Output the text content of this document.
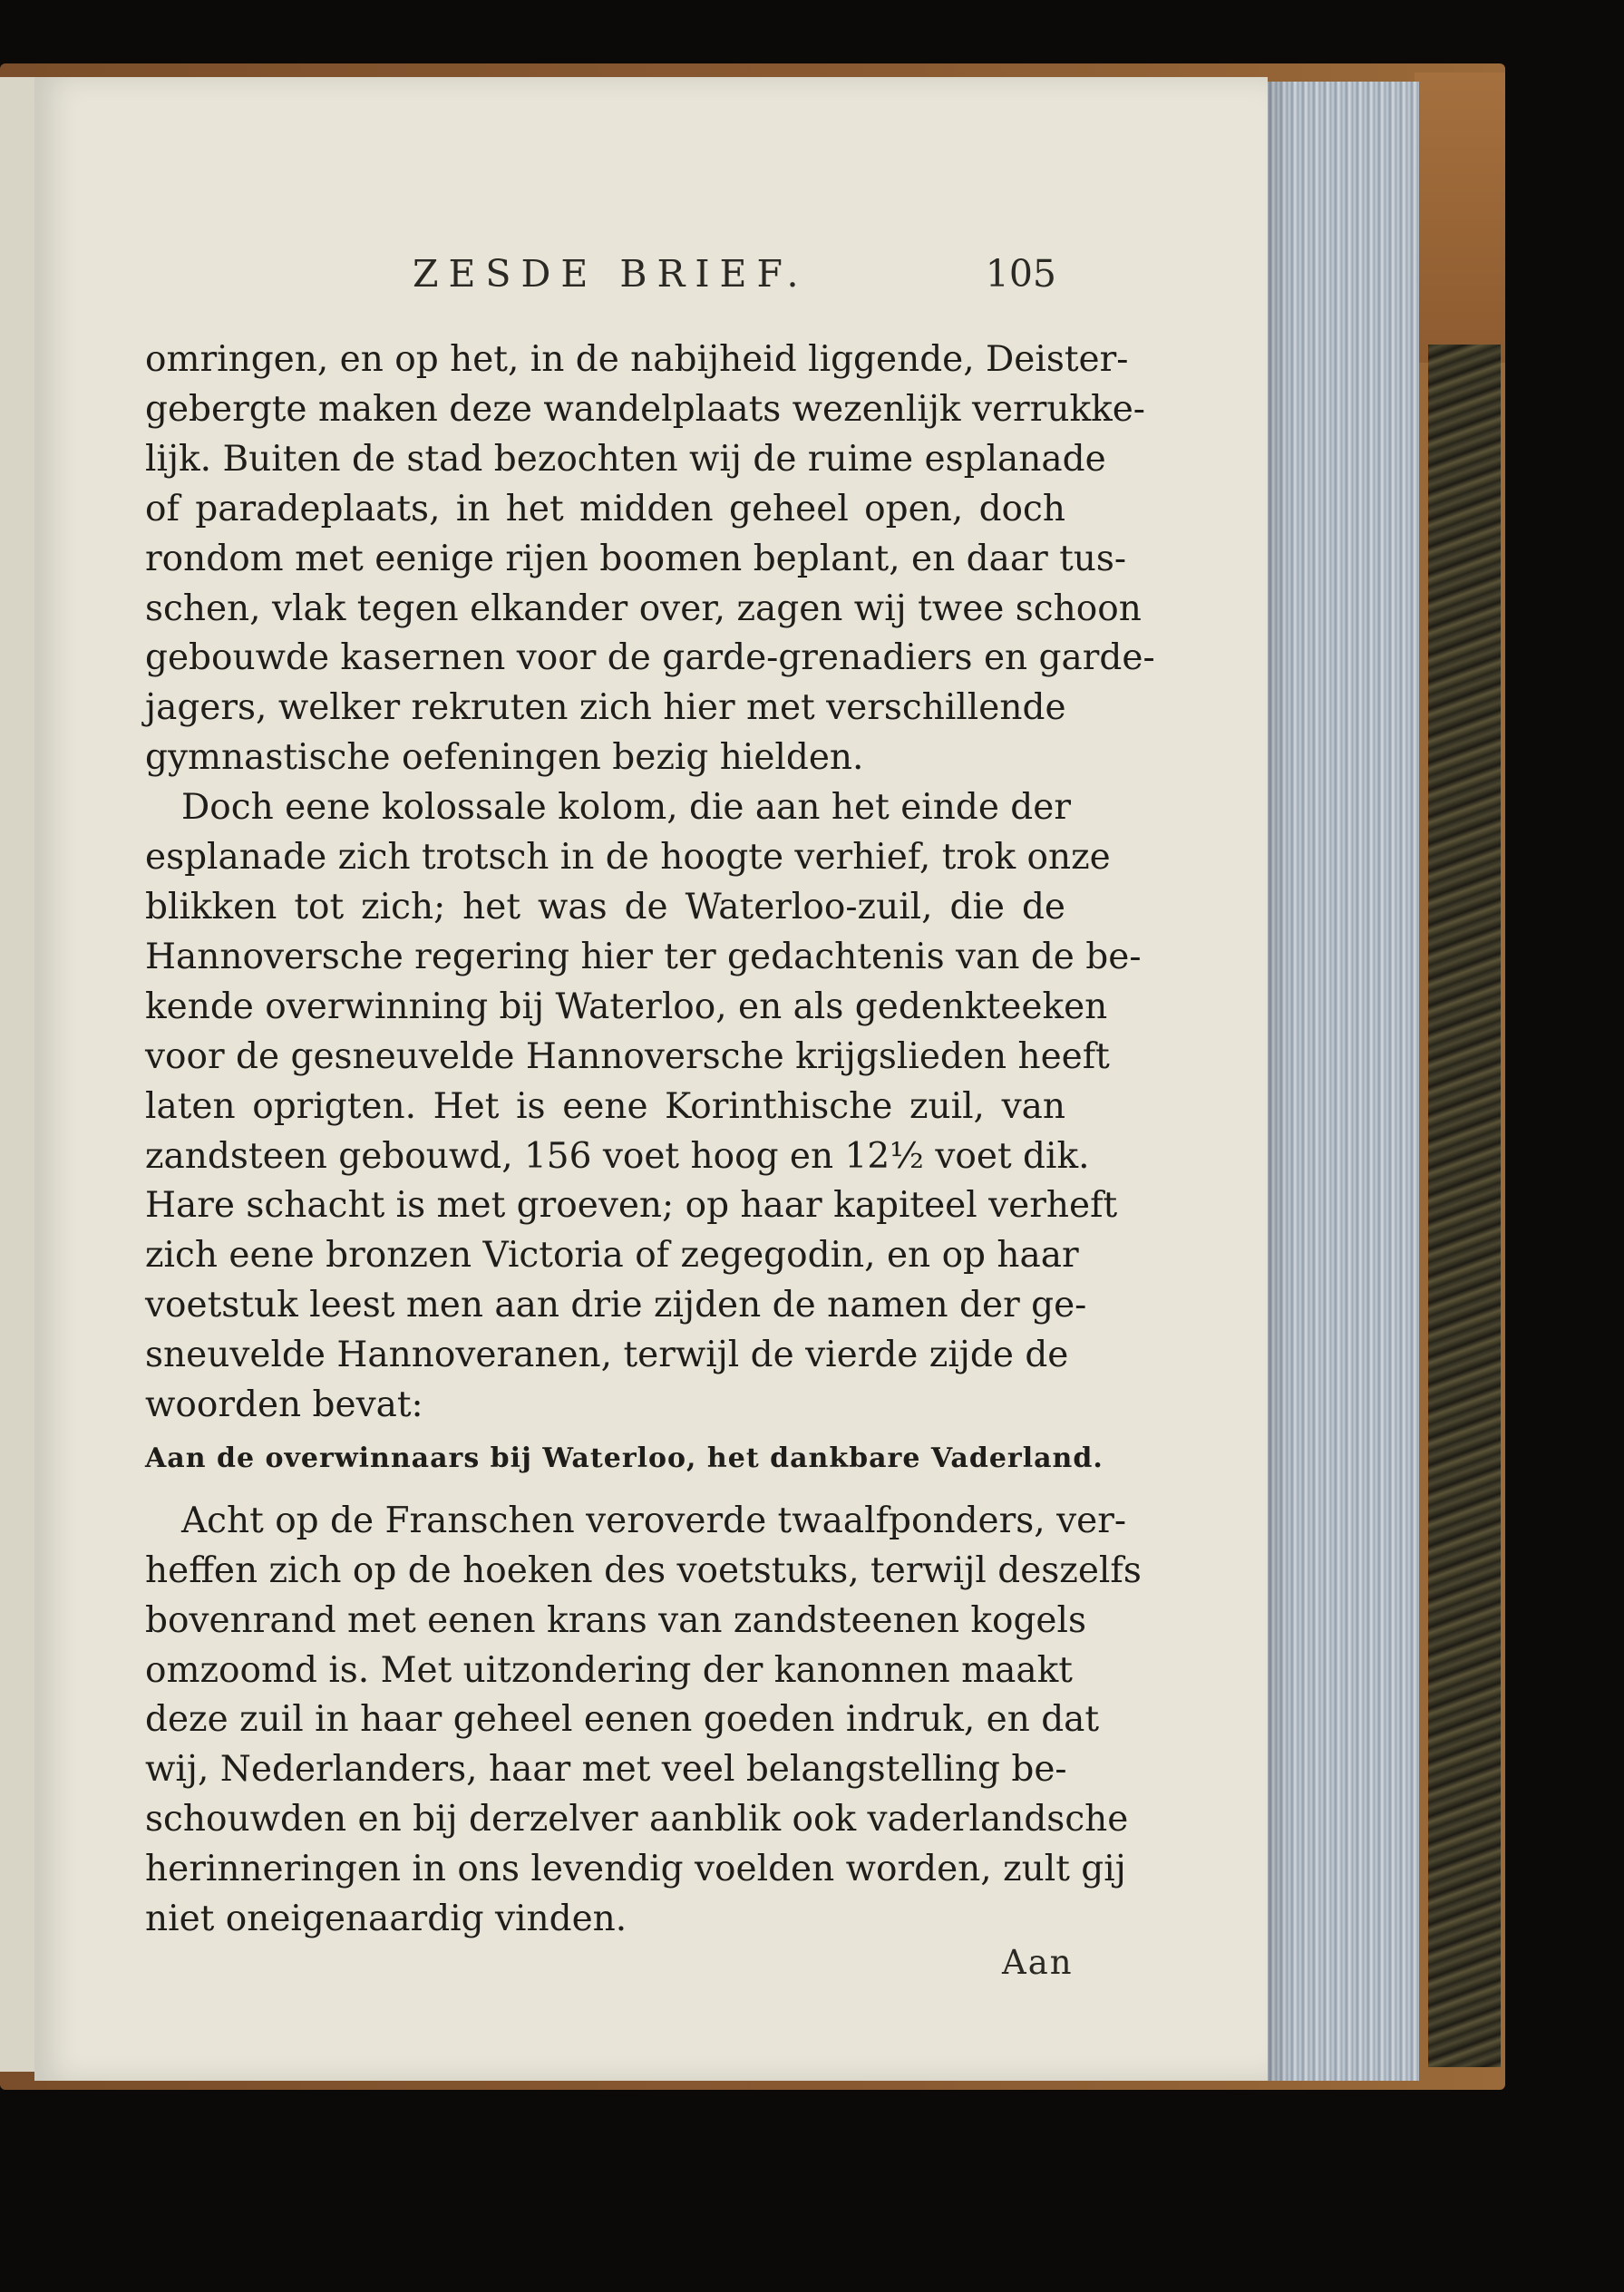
ZESDE BRIEF.	105
omringen, en op het, in de nabijheid liggende, Deister-
gebergte maken deze wandelplaats wezenlijk verrukke-
lijk. Buiten de stad bezochten wij de ruime esplanade
of paradeplaats, in het midden geheel open, doch
rondom met eenige rijen boomen beplant, en daar tus-
schen, vlak tegen elkander over, zagen wij twee schoon
gebouwde kasernen voor de garde-grenadiers en garde-
jagers, welker rekruten zich hier met verschillende
gymnastische oefeningen bezig hielden.
Doch eene kolossale kolom, die aan het einde der
esplanade zich trotsch in de hoogte verhief, trok onze
blikken tot zich; het was de Waterloo-zuil, die de
Hannoversche regering hier ter gedachtenis van de be-
kende overwinning bij Waterloo, en als gedenkteeken
voor de gesneuvelde Hannoversche krijgslieden heeft
laten oprigten. Het is eene Korinthische zuil, van
zandsteen gebouwd, 156 voet hoog en 12½ voet dik.
Hare schacht is met groeven; op haar kapiteel verheft
zich eene bronzen Victoria of zegegodin, en op haar
voetstuk leest men aan drie zijden de namen der ge-
sneuvelde Hannoveranen, terwijl de vierde zijde de
woorden bevat:
Aan de overwinnaars bij Waterloo, het dankbare Vaderland.
Acht op de Franschen veroverde twaalfponders, ver-
heffen zich op de hoeken des voetstuks, terwijl deszelfs
bovenrand met eenen krans van zandsteenen kogels
omzoomd is. Met uitzondering der kanonnen maakt
deze zuil in haar geheel eenen goeden indruk, en dat
wij, Nederlanders, haar met veel belangstelling be-
schouwden en bij derzelver aanblik ook vaderlandsche
herinneringen in ons levendig voelden worden, zult gij
niet oneigenaardig vinden.
Aan
